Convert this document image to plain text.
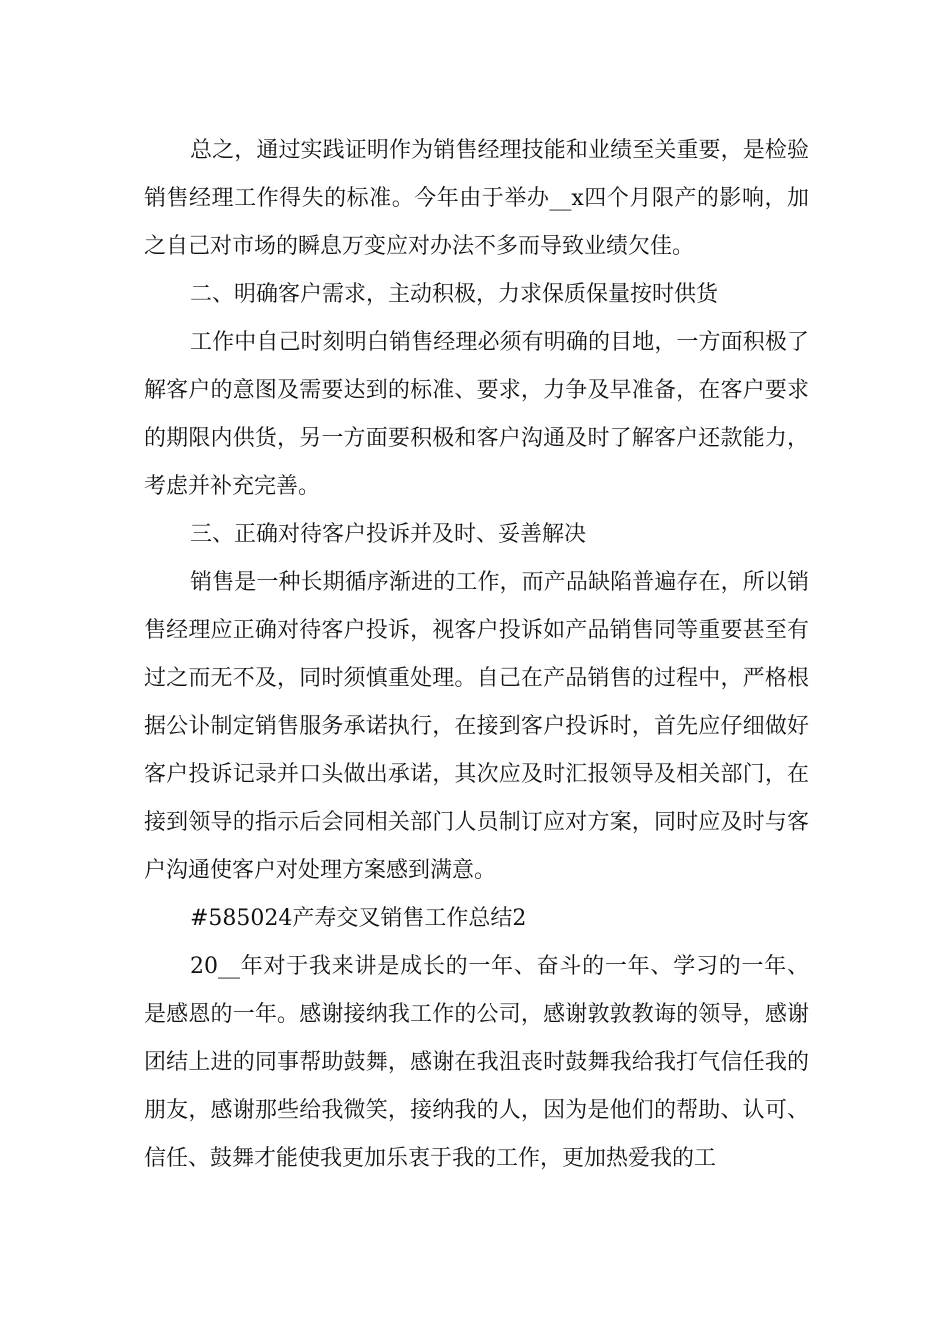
总之，通过实践证明作为销售经理技能和业绩至关重要，是检验销售经理工作得失的标准。今年由于举办__x四个月限产的影响，加之自己对市场的瞬息万变应对办法不多而导致业绩欠佳。

二、明确客户需求，主动积极，力求保质保量按时供货

工作中自己时刻明白销售经理必须有明确的目地，一方面积极了解客户的意图及需要达到的标准、要求，力争及早准备，在客户要求的期限内供货，另一方面要积极和客户沟通及时了解客户还款能力，考虑并补充完善。

三、正确对待客户投诉并及时、妥善解决

销售是一种长期循序渐进的工作，而产品缺陷普遍存在，所以销售经理应正确对待客户投诉，视客户投诉如产品销售同等重要甚至有过之而无不及，同时须慎重处理。自己在产品销售的过程中，严格根据公讣制定销售服务承诺执行，在接到客户投诉时，首先应仔细做好客户投诉记录并口头做出承诺，其次应及时汇报领导及相关部门，在接到领导的指示后会同相关部门人员制订应对方案，同时应及时与客户沟通使客户对处理方案感到满意。

#585024产寿交叉销售工作总结2

20__年对于我来讲是成长的一年、奋斗的一年、学习的一年、是感恩的一年。感谢接纳我工作的公司，感谢敦敦教诲的领导，感谢团结上进的同事帮助鼓舞，感谢在我沮丧时鼓舞我给我打气信任我的朋友，感谢那些给我微笑，接纳我的人，因为是他们的帮助、认可、信任、鼓舞才能使我更加乐衷于我的工作，更加热爱我的工
